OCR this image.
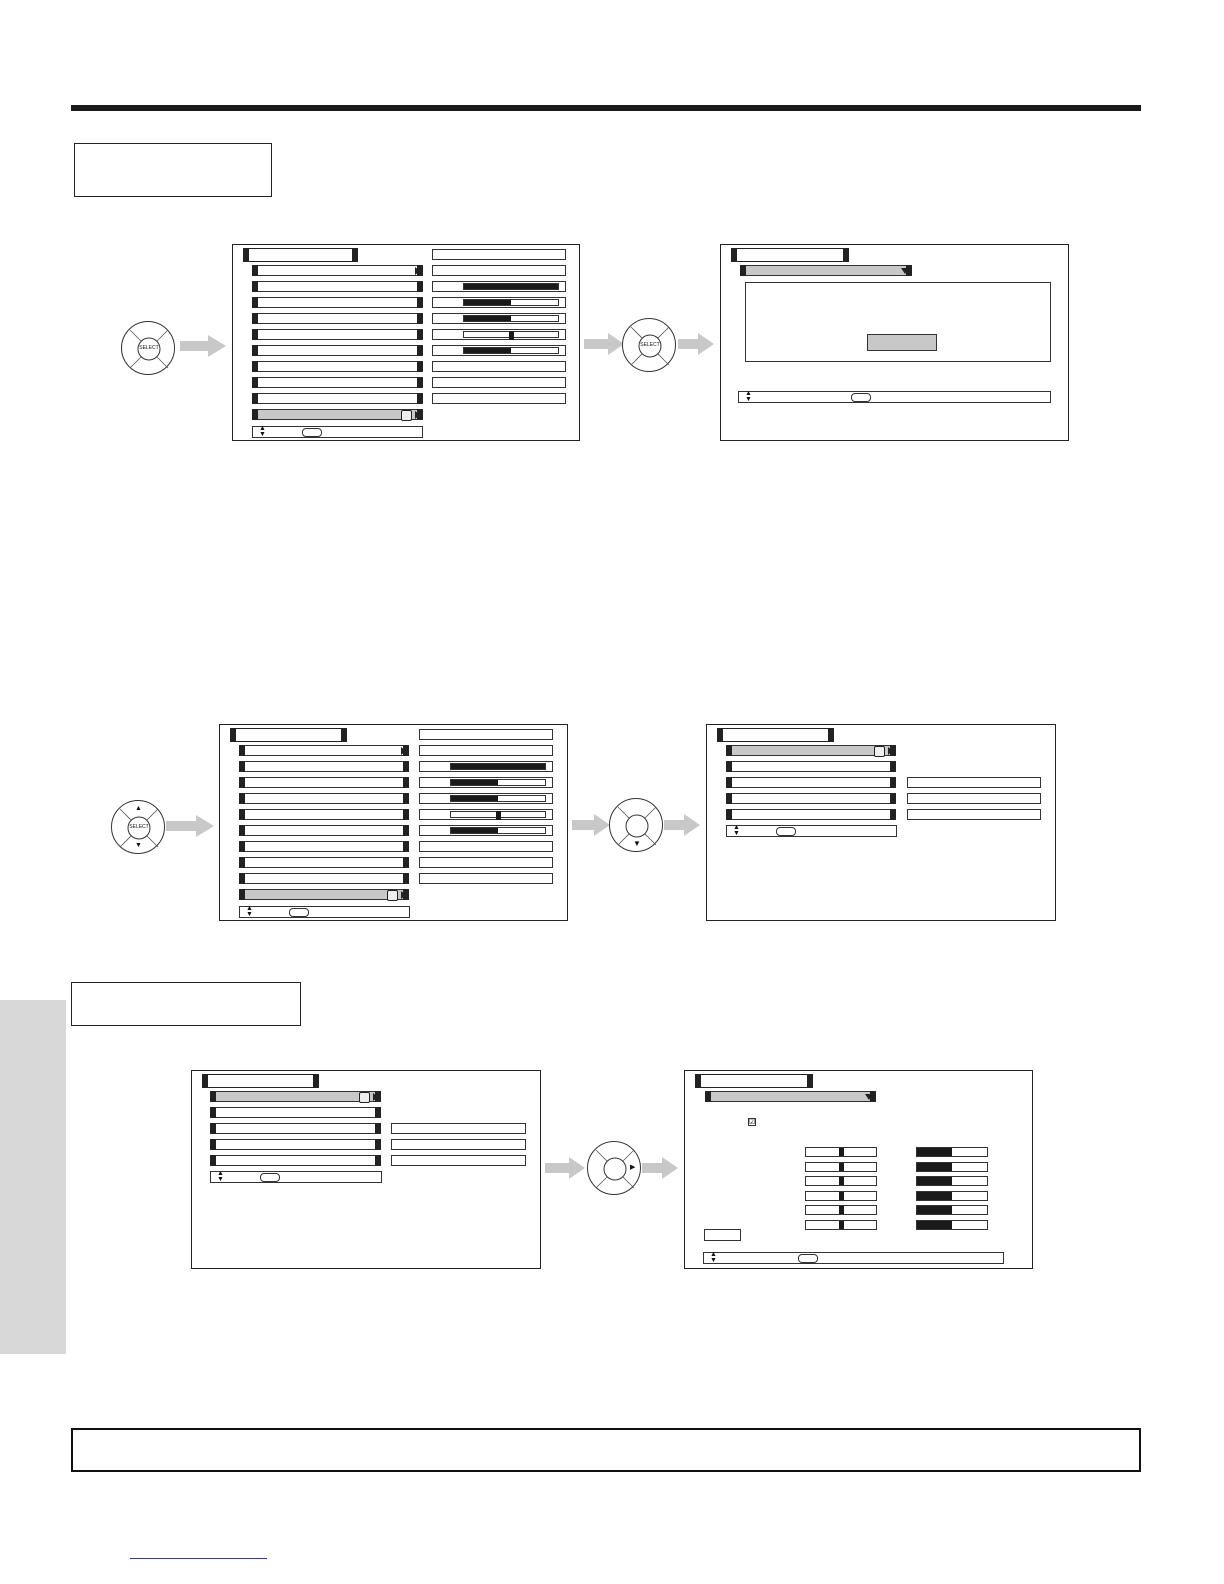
SELECT
▲
▼
SELECT
▲
▼
▲
▼
SELECT
▲
▼
▼
▲
▼
▲
▼
▶
☑
▲
▼
